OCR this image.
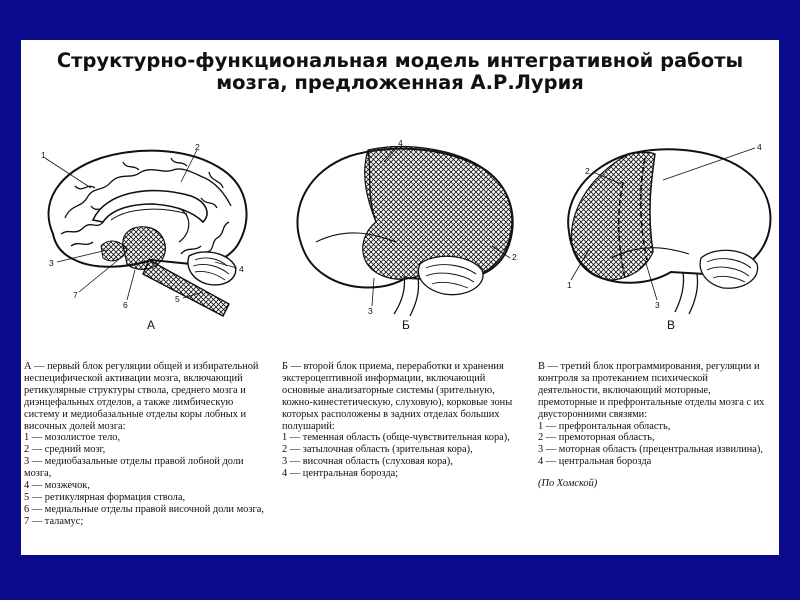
Структурно-функциональная модель интегративной работы
мозга, предложенная А.Р.Лурия
1
2
3
4
5
6
7
А
4
2
3
Б
2
4
1
3
В

А — первый блок регуляции общей и избирательной неспецифической активации мозга, включающий ретикулярные структуры ствола, среднего мозга и диэнцефальных отделов, а также лимбическую систему и медиобазальные отделы коры лобных и височных долей мозга:

1 — мозолистое тело,

2 — средний мозг,

3 — медиобазальные отделы правой лобной доли мозга,

4 — мозжечок,

5 — ретикулярная формация ствола,

6 — медиальные отделы правой височной доли мозга,

7 — таламус;

Б — второй блок приема, переработки и хранения экстероцептивной информации, включающий основные анализаторные системы (зрительную, кожно-кинестетическую, слуховую), корковые зоны которых расположены в задних отделах больших полушарий:

1 — теменная область (обще-чувствительная кора),

2 — затылочная область (зрительная кора),

3 — височная область (слуховая кора),

4 — центральная борозда;

В — третий блок программирования, регуляции и контроля за протеканием психической деятельности, включающий моторные, премоторные и префронтальные отделы мозга с их двусторонними связями:

1 — префронтальная область,

2 — премоторная область,

3 — моторная область (прецентральная извилина),

4 — центральная борозда

(По Хомской)
